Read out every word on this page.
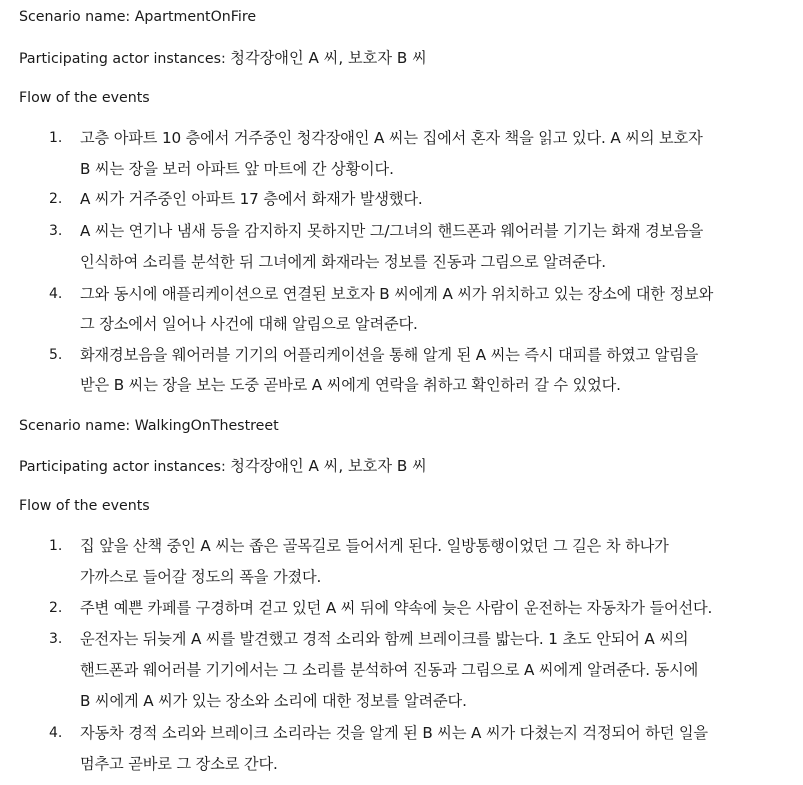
Scenario name: ApartmentOnFire
Participating actor instances: 청각장애인 A 씨, 보호자 B 씨
Flow of the events
1. 고층 아파트 10 층에서 거주중인 청각장애인 A 씨는 집에서 혼자 책을 읽고 있다. A 씨의 보호자
B 씨는 장을 보러 아파트 앞 마트에 간 상황이다.
2. A 씨가 거주중인 아파트 17 층에서 화재가 발생했다.
3. A 씨는 연기나 냄새 등을 감지하지 못하지만 그/그녀의 핸드폰과 웨어러블 기기는 화재 경보음을
인식하여 소리를 분석한 뒤 그녀에게 화재라는 정보를 진동과 그림으로 알려준다.
4. 그와 동시에 애플리케이션으로 연결된 보호자 B 씨에게 A 씨가 위치하고 있는 장소에 대한 정보와
그 장소에서 일어나 사건에 대해 알림으로 알려준다.
5. 화재경보음을 웨어러블 기기의 어플리케이션을 통해 알게 된 A 씨는 즉시 대피를 하였고 알림을
받은 B 씨는 장을 보는 도중 곧바로 A 씨에게 연락을 취하고 확인하러 갈 수 있었다.
Scenario name: WalkingOnThestreet
Participating actor instances: 청각장애인 A 씨, 보호자 B 씨
Flow of the events
1. 집 앞을 산책 중인 A 씨는 좁은 골목길로 들어서게 된다. 일방통행이었던 그 길은 차 하나가
가까스로 들어갈 정도의 폭을 가졌다.
2. 주변 예쁜 카페를 구경하며 걷고 있던 A 씨 뒤에 약속에 늦은 사람이 운전하는 자동차가 들어선다.
3. 운전자는 뒤늦게 A 씨를 발견했고 경적 소리와 함께 브레이크를 밟는다. 1 초도 안되어 A 씨의
핸드폰과 웨어러블 기기에서는 그 소리를 분석하여 진동과 그림으로 A 씨에게 알려준다. 동시에
B 씨에게 A 씨가 있는 장소와 소리에 대한 정보를 알려준다.
4. 자동차 경적 소리와 브레이크 소리라는 것을 알게 된 B 씨는 A 씨가 다쳤는지 걱정되어 하던 일을
멈추고 곧바로 그 장소로 간다.
